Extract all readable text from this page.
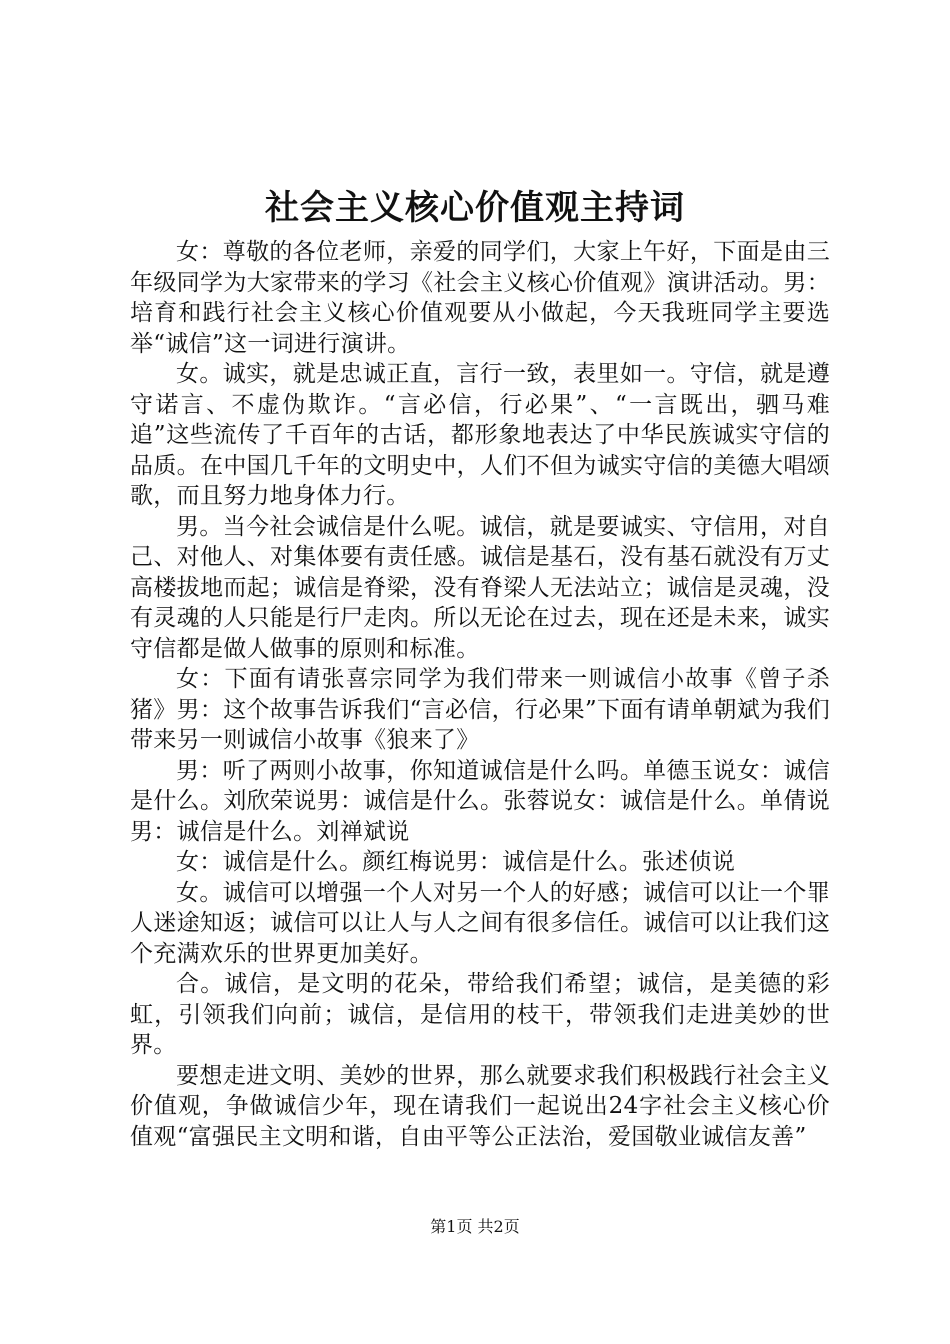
社会主义核心价值观主持词

女：尊敬的各位老师，亲爱的同学们，大家上午好，下面是由三年级同学为大家带来的学习《社会主义核心价值观》演讲活动。男：培育和践行社会主义核心价值观要从小做起，今天我班同学主要选举“诚信”这一词进行演讲。

女。诚实，就是忠诚正直，言行一致，表里如一。守信，就是遵守诺言、不虚伪欺诈。“言必信，行必果”、“一言既出，驷马难追”这些流传了千百年的古话，都形象地表达了中华民族诚实守信的品质。在中国几千年的文明史中，人们不但为诚实守信的美德大唱颂歌，而且努力地身体力行。

男。当今社会诚信是什么呢。诚信，就是要诚实、守信用，对自己、对他人、对集体要有责任感。诚信是基石，没有基石就没有万丈高楼拔地而起；诚信是脊梁，没有脊梁人无法站立；诚信是灵魂，没有灵魂的人只能是行尸走肉。所以无论在过去，现在还是未来，诚实守信都是做人做事的原则和标准。

女：下面有请张喜宗同学为我们带来一则诚信小故事《曾子杀猪》男：这个故事告诉我们“言必信，行必果”下面有请单朝斌为我们带来另一则诚信小故事《狼来了》

男：听了两则小故事，你知道诚信是什么吗。单德玉说女：诚信是什么。刘欣荣说男：诚信是什么。张蓉说女：诚信是什么。单倩说男：诚信是什么。刘禅斌说

女：诚信是什么。颜红梅说男：诚信是什么。张述侦说

女。诚信可以增强一个人对另一个人的好感；诚信可以让一个罪人迷途知返；诚信可以让人与人之间有很多信任。诚信可以让我们这个充满欢乐的世界更加美好。

合。诚信，是文明的花朵，带给我们希望；诚信，是美德的彩虹，引领我们向前；诚信，是信用的枝干，带领我们走进美妙的世界。

要想走进文明、美妙的世界，那么就要求我们积极践行社会主义价值观，争做诚信少年，现在请我们一起说出24字社会主义核心价值观“富强民主文明和谐，自由平等公正法治，爱国敬业诚信友善”

第1页 共2页
